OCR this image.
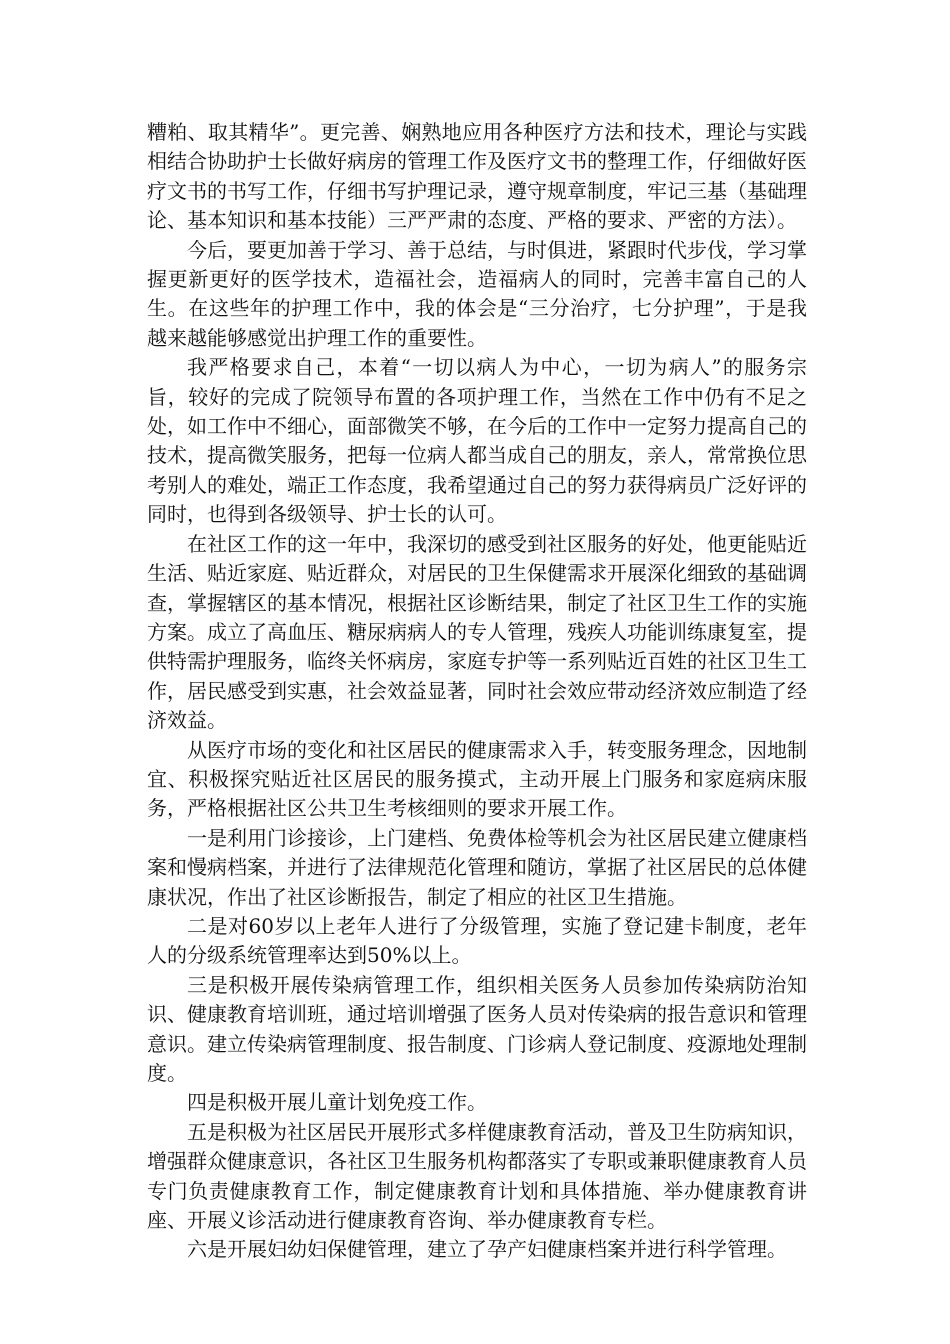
糟粕、取其精华”。更完善、娴熟地应用各种医疗方法和技术，理论与实践相结合协助护士长做好病房的管理工作及医疗文书的整理工作，仔细做好医疗文书的书写工作，仔细书写护理记录，遵守规章制度，牢记三基（基础理论、基本知识和基本技能）三严严肃的态度、严格的要求、严密的方法）。

今后，要更加善于学习、善于总结，与时俱进，紧跟时代步伐，学习掌握更新更好的医学技术，造福社会，造福病人的同时，完善丰富自己的人生。在这些年的护理工作中，我的体会是“三分治疗，七分护理”，于是我越来越能够感觉出护理工作的重要性。

我严格要求自己，本着“一切以病人为中心，一切为病人”的服务宗旨，较好的完成了院领导布置的各项护理工作，当然在工作中仍有不足之处，如工作中不细心，面部微笑不够，在今后的工作中一定努力提高自己的技术，提高微笑服务，把每一位病人都当成自己的朋友，亲人，常常换位思考别人的难处，端正工作态度，我希望通过自己的努力获得病员广泛好评的同时，也得到各级领导、护士长的认可。

在社区工作的这一年中，我深切的感受到社区服务的好处，他更能贴近生活、贴近家庭、贴近群众，对居民的卫生保健需求开展深化细致的基础调查，掌握辖区的基本情况，根据社区诊断结果，制定了社区卫生工作的实施方案。成立了高血压、糖尿病病人的专人管理，残疾人功能训练康复室，提供特需护理服务，临终关怀病房，家庭专护等一系列贴近百姓的社区卫生工作，居民感受到实惠，社会效益显著，同时社会效应带动经济效应制造了经济效益。

从医疗市场的变化和社区居民的健康需求入手，转变服务理念，因地制宜、积极探究贴近社区居民的服务摸式，主动开展上门服务和家庭病床服务，严格根据社区公共卫生考核细则的要求开展工作。

一是利用门诊接诊，上门建档、免费体检等机会为社区居民建立健康档案和慢病档案，并进行了法律规范化管理和随访，掌据了社区居民的总体健康状况，作出了社区诊断报告，制定了相应的社区卫生措施。

二是对60岁以上老年人进行了分级管理，实施了登记建卡制度，老年人的分级系统管理率达到50%以上。

三是积极开展传染病管理工作，组织相关医务人员参加传染病防治知识、健康教育培训班，通过培训增强了医务人员对传染病的报告意识和管理意识。建立传染病管理制度、报告制度、门诊病人登记制度、疫源地处理制度。

四是积极开展儿童计划免疫工作。

五是积极为社区居民开展形式多样健康教育活动，普及卫生防病知识，增强群众健康意识，各社区卫生服务机构都落实了专职或兼职健康教育人员专门负责健康教育工作，制定健康教育计划和具体措施、举办健康教育讲座、开展义诊活动进行健康教育咨询、举办健康教育专栏。

六是开展妇幼妇保健管理，建立了孕产妇健康档案并进行科学管理。
